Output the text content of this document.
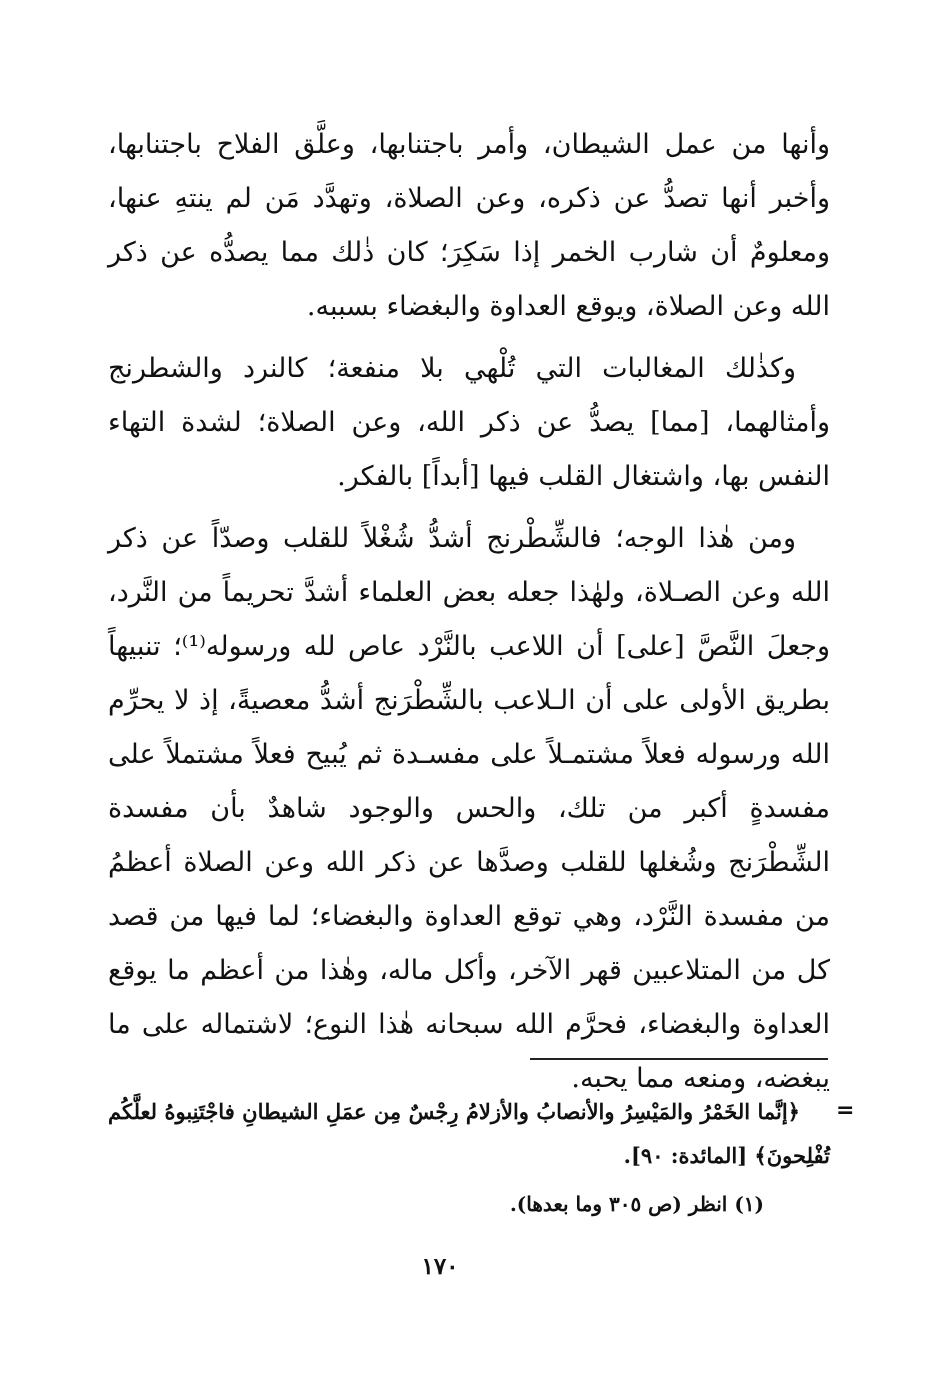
وأنها من عمل الشيطان، وأمر باجتنابها، وعلَّق الفلاح باجتنابها، وأخبر أنها تصدُّ عن ذكره، وعن الصلاة، وتهدَّد مَن لم ينتهِ عنها، ومعلومٌ أن شارب الخمر إذا سَكِرَ؛ كان ذٰلك مما يصدُّه عن ذكر الله وعن الصلاة، ويوقع العداوة والبغضاء بسببه.

وكذٰلك المغالبات التي تُلْهي بلا منفعة؛ كالنرد والشطرنج وأمثالهما، [مما] يصدُّ عن ذكر الله، وعن الصلاة؛ لشدة التهاء النفس بها، واشتغال القلب فيها [أبداً] بالفكر.

ومن هٰذا الوجه؛ فالشِّطْرنج أشدُّ شُغْلاً للقلب وصدّاً عن ذكر الله وعن الصـلاة، ولهٰذا جعله بعض العلماء أشدَّ تحريماً من النَّرد، وجعلَ النَّصَّ [على] أن اللاعب بالنَّرْد عاص لله ورسوله⁽¹⁾؛ تنبيهاً بطريق الأولى على أن الـلاعب بالشِّطْرَنج أشدُّ معصيةً، إذ لا يحرِّم الله ورسوله فعلاً مشتمـلاً على مفسـدة ثم يُبيح فعلاً مشتملاً على مفسدةٍ أكبر من تلك، والحس والوجود شاهدٌ بأن مفسدة الشِّطْرَنج وشُغلها للقلب وصدَّها عن ذكر الله وعن الصلاة أعظمُ من مفسدة النَّرْد، وهي توقع العداوة والبغضاء؛ لما فيها من قصد كل من المتلاعبين قهر الآخر، وأكل ماله، وهٰذا من أعظم ما يوقع العداوة والبغضاء، فحرَّم الله سبحانه هٰذا النوع؛ لاشتماله على ما يبغضه، ومنعه مما يحبه.

=

﴿إنَّما الخَمْرُ والمَيْسِرُ والأنصابُ والأزلامُ رِجْسٌ مِن عمَلِ الشيطانِ فاجْتَنِبوهُ لعلَّكُم تُفْلِحونَ﴾ [المائدة: ٩٠].

(١) انظر (ص ٣٠٥ وما بعدها).

١٧٠
